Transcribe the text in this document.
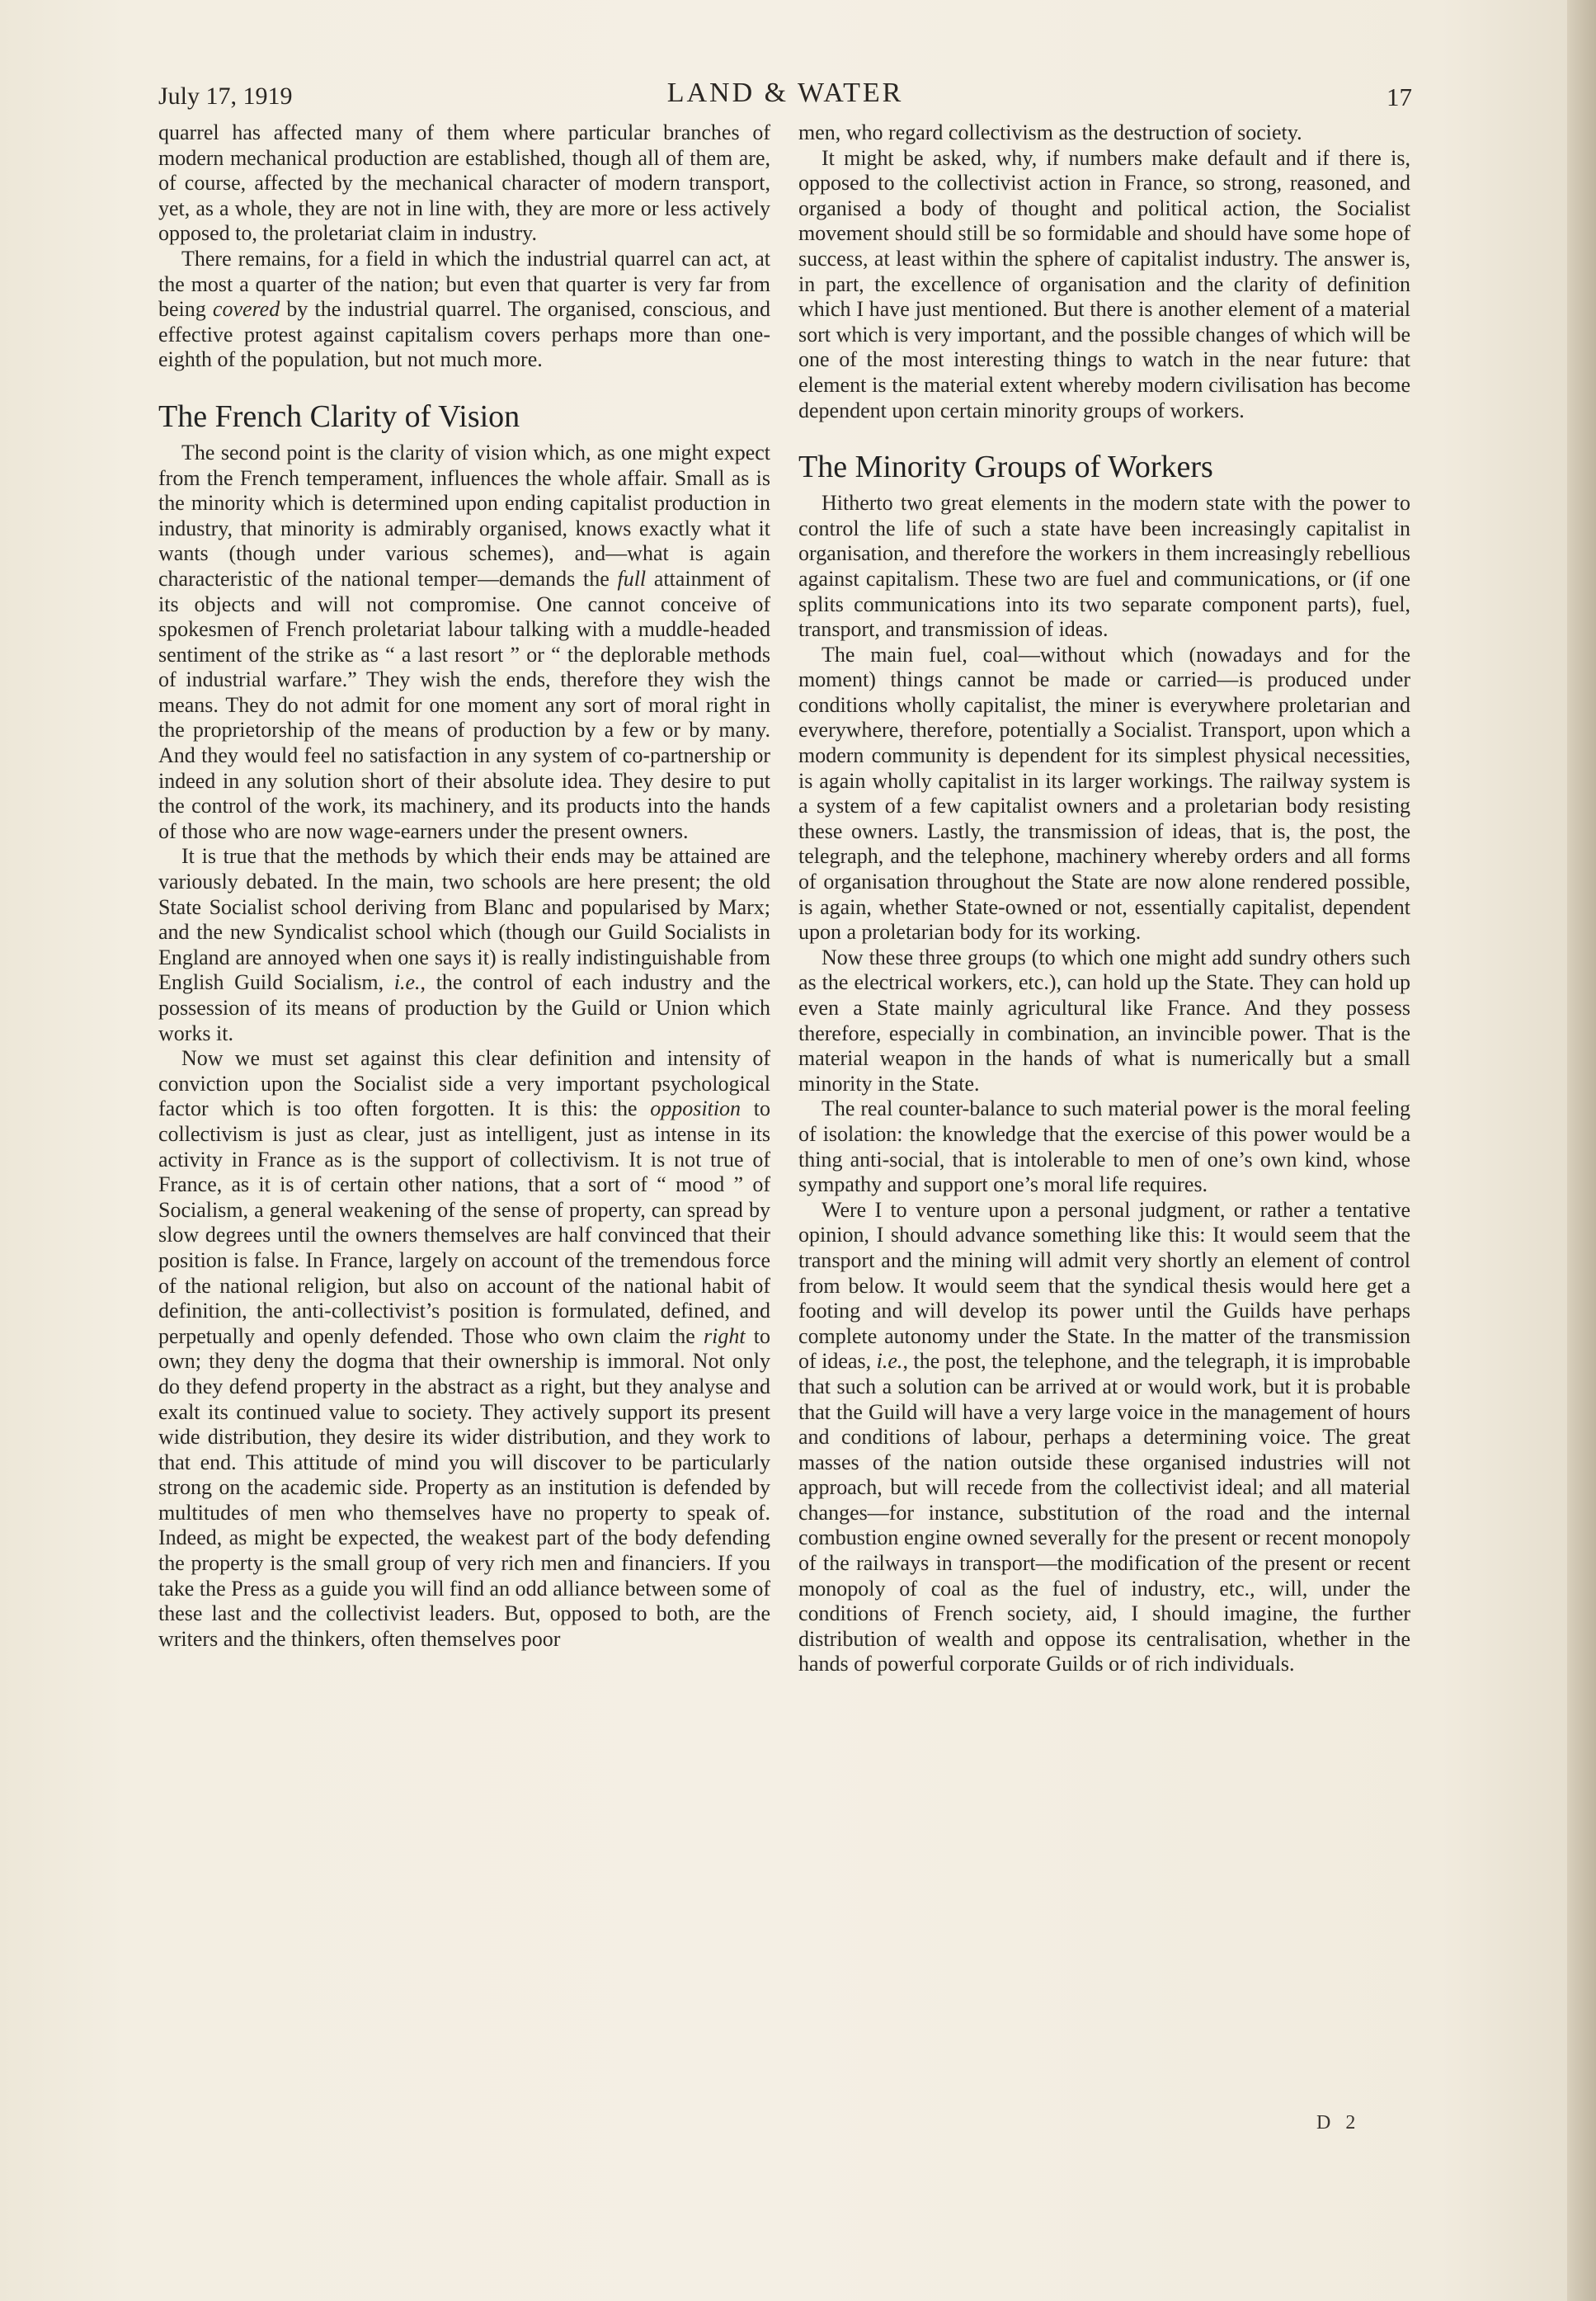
July 17, 1919	LAND & WATER	17

quarrel has affected many of them where particular branches of modern mechanical production are established, though all of them are, of course, affected by the mechanical character of modern transport, yet, as a whole, they are not in line with, they are more or less actively opposed to, the proletariat claim in industry.

There remains, for a field in which the industrial quarrel can act, at the most a quarter of the nation; but even that quarter is very far from being covered by the industrial quarrel. The organised, conscious, and effective protest against capitalism covers perhaps more than one-eighth of the population, but not much more.

The French Clarity of Vision

The second point is the clarity of vision which, as one might expect from the French temperament, influences the whole affair. Small as is the minority which is determined upon ending capitalist production in industry, that minority is admirably organised, knows exactly what it wants (though under various schemes), and—what is again characteristic of the national temper—demands the full attainment of its objects and will not compromise. One cannot conceive of spokesmen of French proletariat labour talking with a muddle-headed sentiment of the strike as “ a last resort ” or “ the deplorable methods of industrial warfare.” They wish the ends, therefore they wish the means. They do not admit for one moment any sort of moral right in the proprietorship of the means of production by a few or by many. And they would feel no satisfaction in any system of co-partnership or indeed in any solution short of their absolute idea. They desire to put the control of the work, its machinery, and its products into the hands of those who are now wage-earners under the present owners.

It is true that the methods by which their ends may be attained are variously debated. In the main, two schools are here present; the old State Socialist school deriving from Blanc and popularised by Marx; and the new Syndicalist school which (though our Guild Socialists in England are annoyed when one says it) is really indistinguishable from English Guild Socialism, i.e., the control of each industry and the possession of its means of production by the Guild or Union which works it.

Now we must set against this clear definition and intensity of conviction upon the Socialist side a very important psychological factor which is too often forgotten. It is this: the opposition to collectivism is just as clear, just as intelligent, just as intense in its activity in France as is the support of collectivism. It is not true of France, as it is of certain other nations, that a sort of “ mood ” of Socialism, a general weakening of the sense of property, can spread by slow degrees until the owners themselves are half convinced that their position is false. In France, largely on account of the tremendous force of the national religion, but also on account of the national habit of definition, the anti-collectivist’s position is formulated, defined, and perpetually and openly defended. Those who own claim the right to own; they deny the dogma that their ownership is immoral. Not only do they defend property in the abstract as a right, but they analyse and exalt its continued value to society. They actively support its present wide distribution, they desire its wider distribution, and they work to that end. This attitude of mind you will discover to be particularly strong on the academic side. Property as an institution is defended by multitudes of men who themselves have no property to speak of. Indeed, as might be expected, the weakest part of the body defending the property is the small group of very rich men and financiers. If you take the Press as a guide you will find an odd alliance between some of these last and the collectivist leaders. But, opposed to both, are the writers and the thinkers, often themselves poor

men, who regard collectivism as the destruction of society.

It might be asked, why, if numbers make default and if there is, opposed to the collectivist action in France, so strong, reasoned, and organised a body of thought and political action, the Socialist movement should still be so formidable and should have some hope of success, at least within the sphere of capitalist industry. The answer is, in part, the excellence of organisation and the clarity of definition which I have just mentioned. But there is another element of a material sort which is very important, and the possible changes of which will be one of the most interesting things to watch in the near future: that element is the material extent whereby modern civilisation has become dependent upon certain minority groups of workers.

The Minority Groups of Workers

Hitherto two great elements in the modern state with the power to control the life of such a state have been increasingly capitalist in organisation, and therefore the workers in them increasingly rebellious against capitalism. These two are fuel and communications, or (if one splits communications into its two separate component parts), fuel, transport, and transmission of ideas.

The main fuel, coal—without which (nowadays and for the moment) things cannot be made or carried—is produced under conditions wholly capitalist, the miner is everywhere proletarian and everywhere, therefore, potentially a Socialist. Transport, upon which a modern community is dependent for its simplest physical necessities, is again wholly capitalist in its larger workings. The railway system is a system of a few capitalist owners and a proletarian body resisting these owners. Lastly, the transmission of ideas, that is, the post, the telegraph, and the telephone, machinery whereby orders and all forms of organisation throughout the State are now alone rendered possible, is again, whether State-owned or not, essentially capitalist, dependent upon a proletarian body for its working.

Now these three groups (to which one might add sundry others such as the electrical workers, etc.), can hold up the State. They can hold up even a State mainly agricultural like France. And they possess therefore, especially in combination, an invincible power. That is the material weapon in the hands of what is numerically but a small minority in the State.

The real counter-balance to such material power is the moral feeling of isolation: the knowledge that the exercise of this power would be a thing anti-social, that is intolerable to men of one’s own kind, whose sympathy and support one’s moral life requires.

Were I to venture upon a personal judgment, or rather a tentative opinion, I should advance something like this: It would seem that the transport and the mining will admit very shortly an element of control from below. It would seem that the syndical thesis would here get a footing and will develop its power until the Guilds have perhaps complete autonomy under the State. In the matter of the transmission of ideas, i.e., the post, the telephone, and the telegraph, it is improbable that such a solution can be arrived at or would work, but it is probable that the Guild will have a very large voice in the management of hours and conditions of labour, perhaps a determining voice. The great masses of the nation outside these organised industries will not approach, but will recede from the collectivist ideal; and all material changes—for instance, substitution of the road and the internal combustion engine owned severally for the present or recent monopoly of the railways in transport—the modification of the present or recent monopoly of coal as the fuel of industry, etc., will, under the conditions of French society, aid, I should imagine, the further distribution of wealth and oppose its centralisation, whether in the hands of powerful corporate Guilds or of rich individuals.

D 2
